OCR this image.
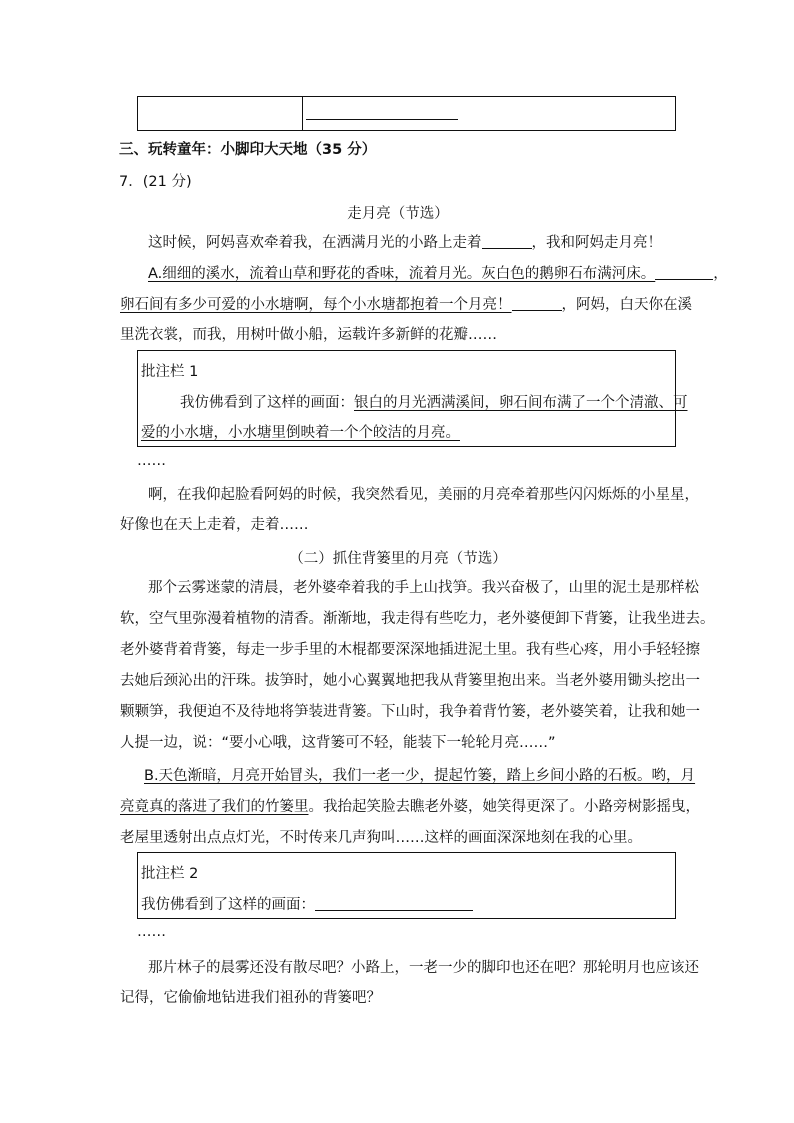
三、玩转童年：小脚印大天地（35 分）
7．(21 分)
走月亮（节选）
这时候，阿妈喜欢牵着我，在洒满月光的小路上走着	，我和阿妈走月亮！
A.细细的溪水，流着山草和野花的香味，流着月光。灰白色的鹅卵石布满河床。	，
卵石间有多少可爱的小水塘啊，每个小水塘都抱着一个月亮！	，阿妈，白天你在溪
里洗衣裳，而我，用树叶做小船，运载许多新鲜的花瓣……
批注栏 1
我仿佛看到了这样的画面：银白的月光洒满溪间，卵石间布满了一个个清澈、可
爱的小水塘，小水塘里倒映着一个个皎洁的月亮。
……
啊，在我仰起脸看阿妈的时候，我突然看见，美丽的月亮牵着那些闪闪烁烁的小星星，
好像也在天上走着，走着……
（二）抓住背篓里的月亮（节选）
那个云雾迷蒙的清晨，老外婆牵着我的手上山找笋。我兴奋极了，山里的泥土是那样松
软，空气里弥漫着植物的清香。渐渐地，我走得有些吃力，老外婆便卸下背篓，让我坐进去。
老外婆背着背篓，每走一步手里的木棍都要深深地插进泥土里。我有些心疼，用小手轻轻擦
去她后颈沁出的汗珠。拔笋时，她小心翼翼地把我从背篓里抱出来。当老外婆用锄头挖出一
颗颗笋，我便迫不及待地将笋装进背篓。下山时，我争着背竹篓，老外婆笑着，让我和她一
人提一边，说：“要小心哦，这背篓可不轻，能装下一轮轮月亮……”
B.天色渐暗，月亮开始冒头，我们一老一少，提起竹篓，踏上乡间小路的石板。哟，月
亮竟真的落进了我们的竹篓里。我抬起笑脸去瞧老外婆，她笑得更深了。小路旁树影摇曳，
老屋里透射出点点灯光，不时传来几声狗叫……这样的画面深深地刻在我的心里。
批注栏 2
我仿佛看到了这样的画面：
……
那片林子的晨雾还没有散尽吧？小路上，一老一少的脚印也还在吧？那轮明月也应该还
记得，它偷偷地钻进我们祖孙的背篓吧？
